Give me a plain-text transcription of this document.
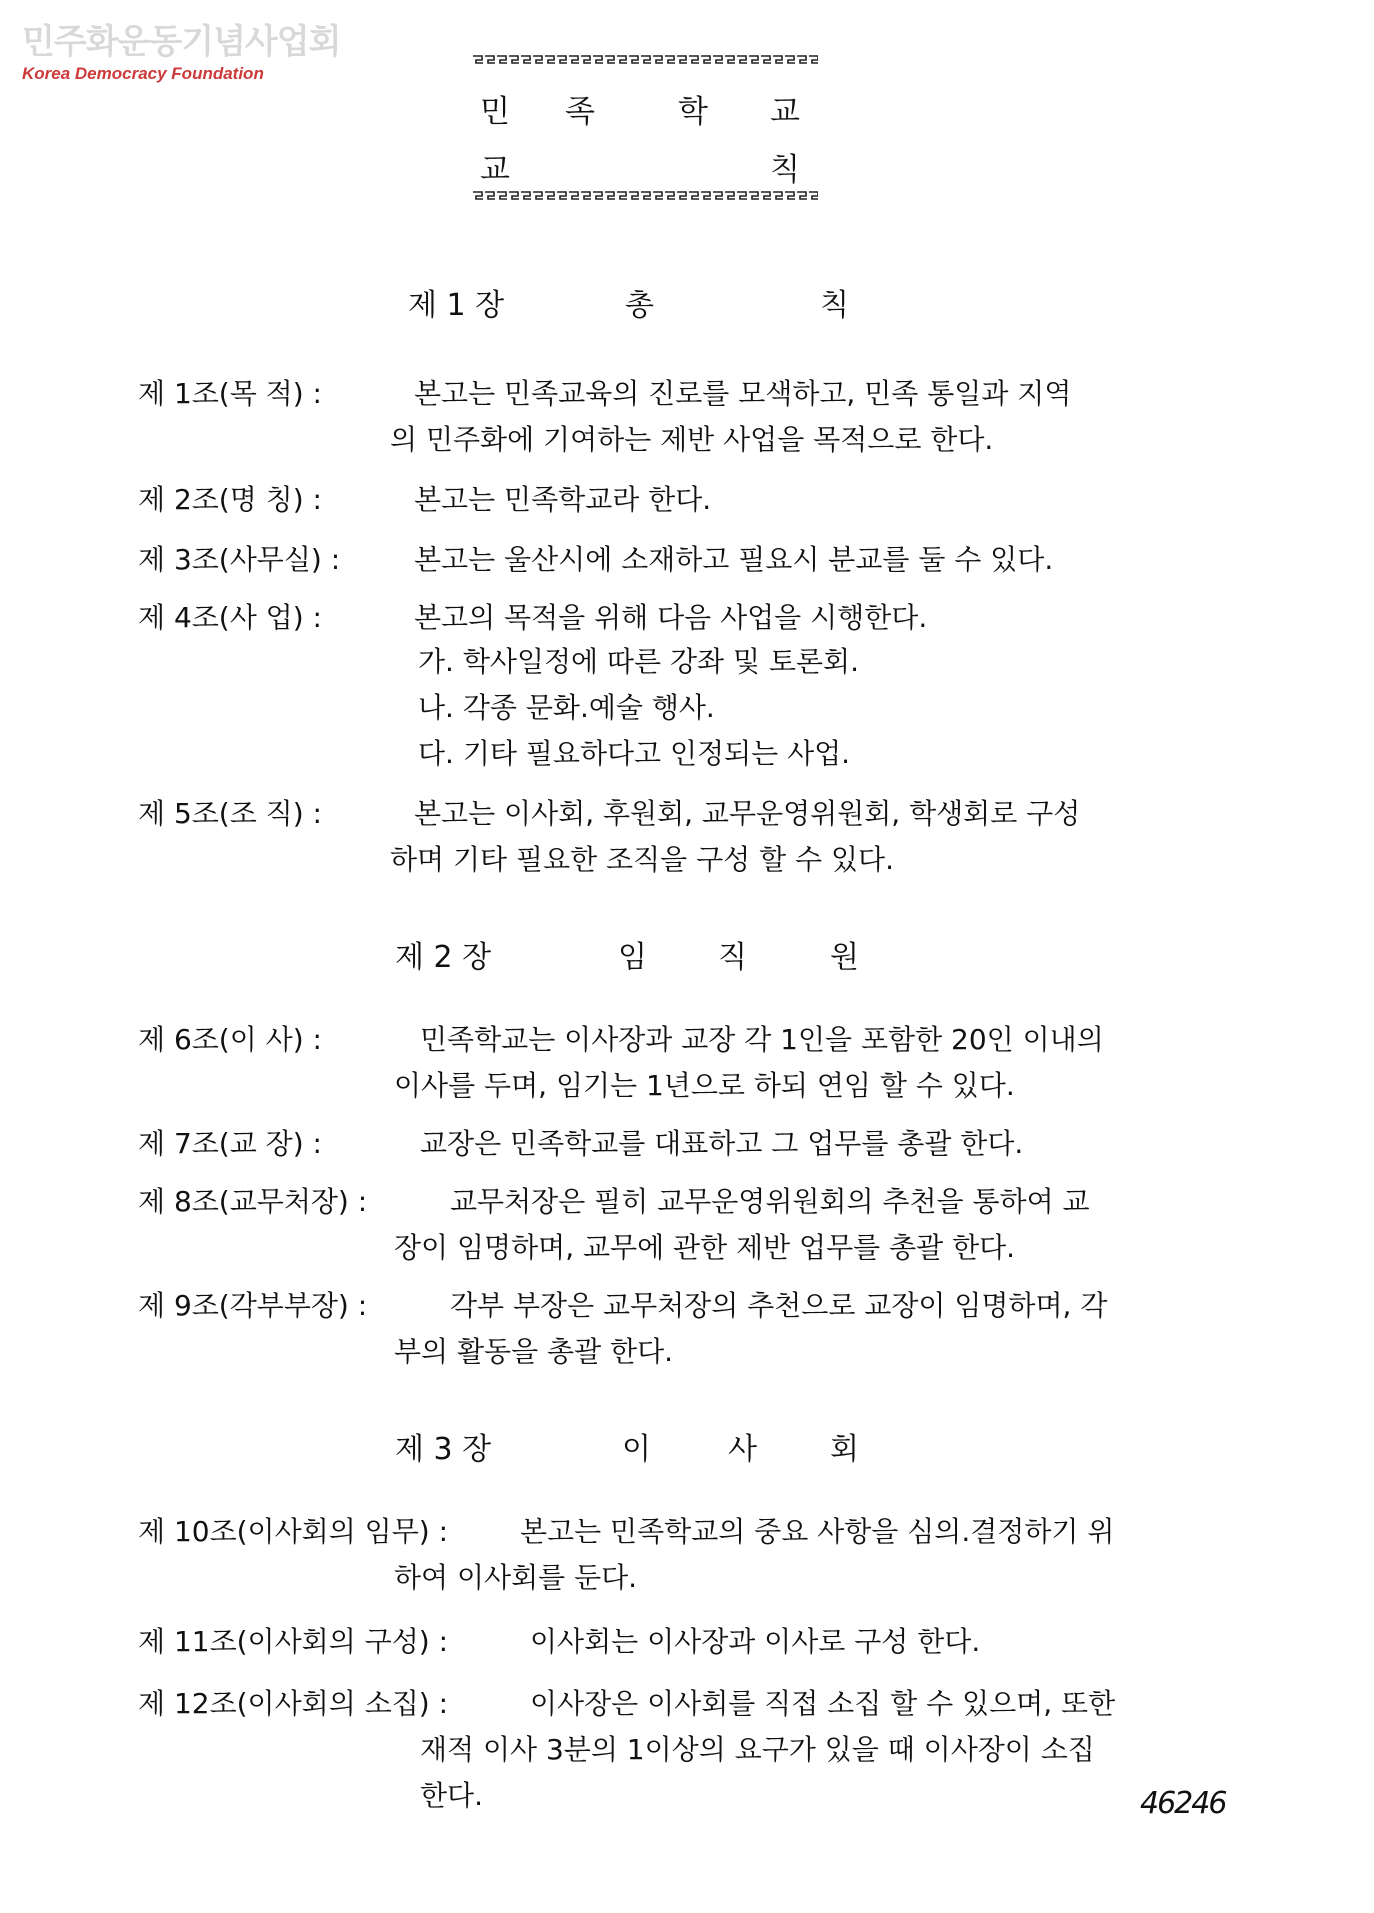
민주화운동기념사업회
Korea Democracy Foundation
민 족	학 교
교	칙
제 1 장	총	칙
제 1조(목 적) :	본고는 민족교육의 진로를 모색하고, 민족 통일과 지역
의 민주화에 기여하는 제반 사업을 목적으로 한다.
제 2조(명 칭) :	본고는 민족학교라 한다.
제 3조(사무실) :	본고는 울산시에 소재하고 필요시 분교를 둘 수 있다.
제 4조(사 업) :	본고의 목적을 위해 다음 사업을 시행한다.
가. 학사일정에 따른 강좌 및 토론회.
나. 각종 문화.예술 행사.
다. 기타 필요하다고 인정되는 사업.
제 5조(조 직) :	본고는 이사회, 후원회, 교무운영위원회, 학생회로 구성
하며 기타 필요한 조직을 구성 할 수 있다.
제 2 장	임 직	원
제 6조(이 사) :	민족학교는 이사장과 교장 각 1인을 포함한 20인 이내의
이사를 두며, 임기는 1년으로 하되 연임 할 수 있다.
제 7조(교 장) :	교장은 민족학교를 대표하고 그 업무를 총괄 한다.
제 8조(교무처장) :	교무처장은 필히 교무운영위원회의 추천을 통하여 교
장이 임명하며, 교무에 관한 제반 업무를 총괄 한다.
제 9조(각부부장) :	각부 부장은 교무처장의 추천으로 교장이 임명하며, 각
부의 활동을 총괄 한다.
제 3 장	이	사 회
제 10조(이사회의 임무) :	본고는 민족학교의 중요 사항을 심의.결정하기 위
하여 이사회를 둔다.
제 11조(이사회의 구성) :	이사회는 이사장과 이사로 구성 한다.
제 12조(이사회의 소집) :	이사장은 이사회를 직접 소집 할 수 있으며, 또한
재적 이사 3분의 1이상의 요구가 있을 때 이사장이 소집
한다.	46246
